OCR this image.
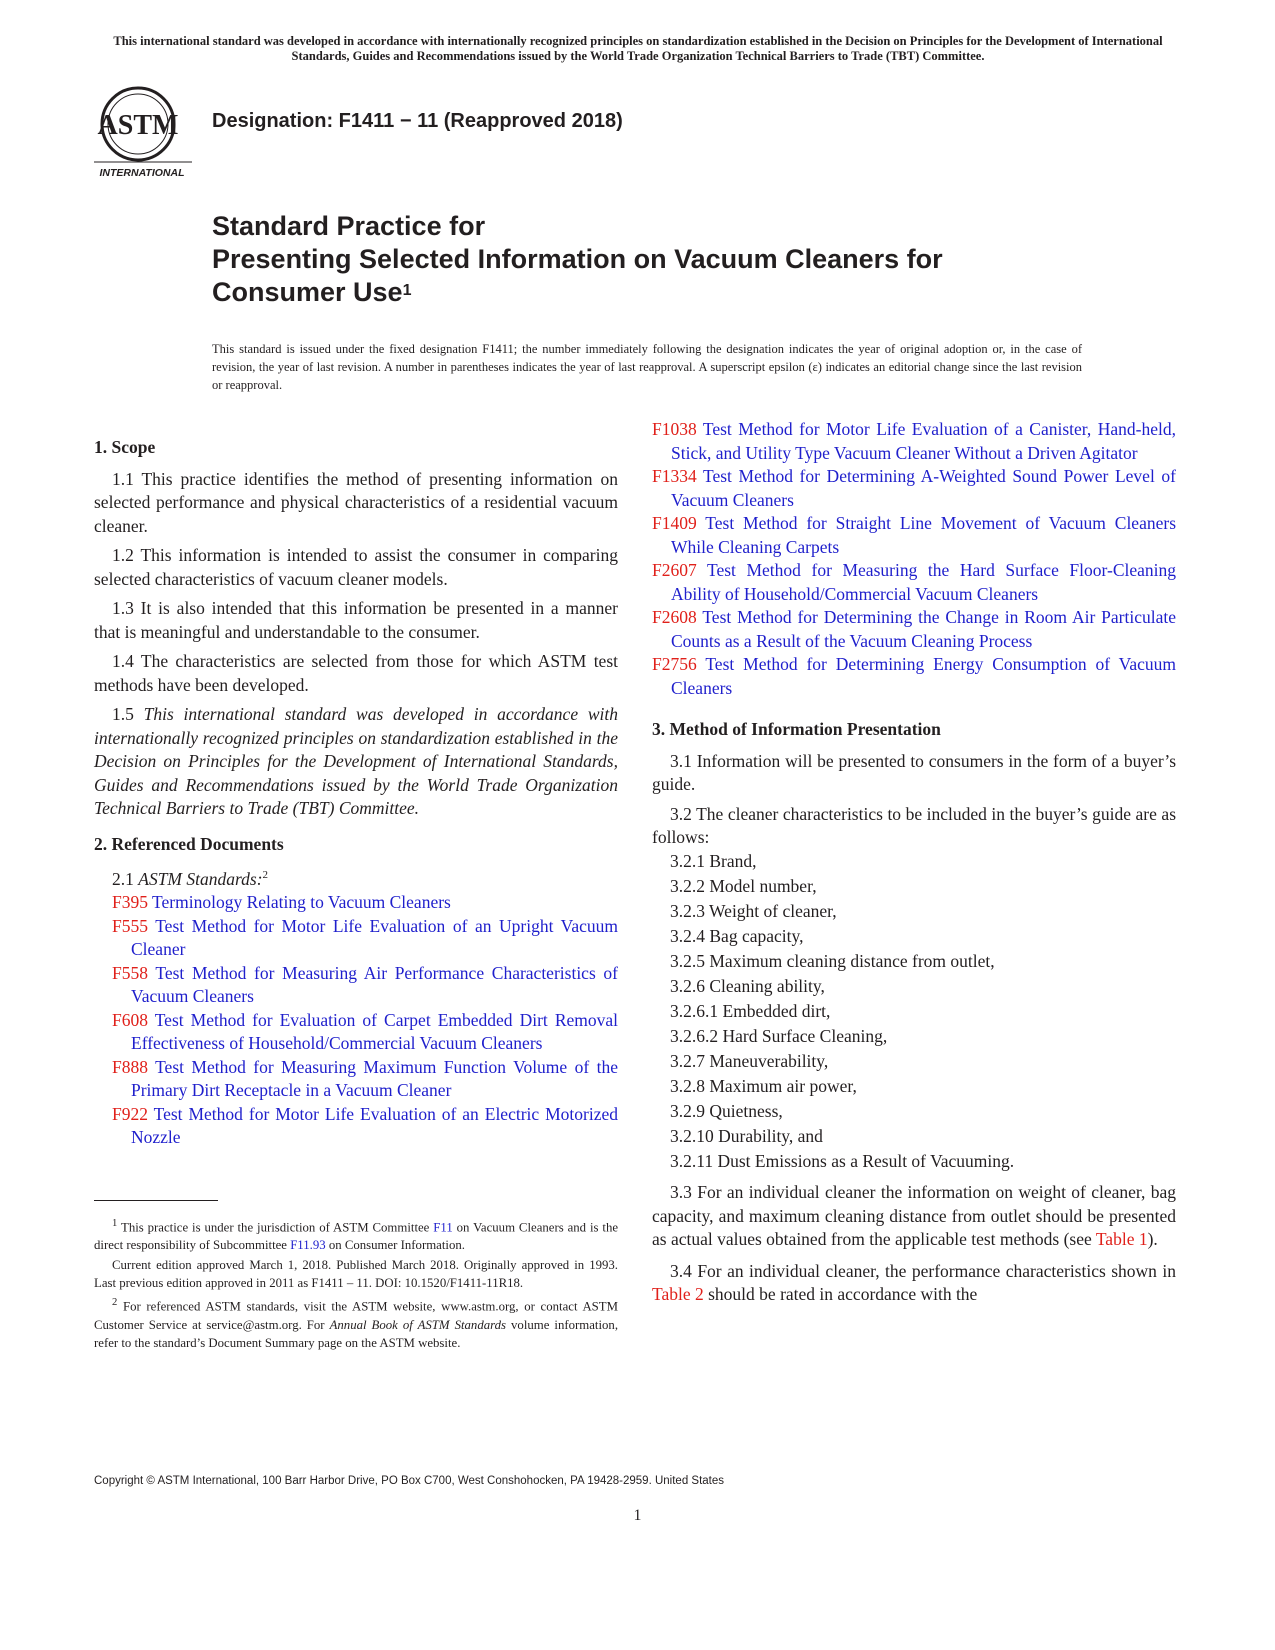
This international standard was developed in accordance with internationally recognized principles on standardization established in the Decision on Principles for the Development of International Standards, Guides and Recommendations issued by the World Trade Organization Technical Barriers to Trade (TBT) Committee.
ASTM
INTERNATIONAL
Designation: F1411 − 11 (Reapproved 2018)
Standard Practice for
Presenting Selected Information on Vacuum Cleaners for
Consumer Use$^1$
This standard is issued under the fixed designation F1411; the number immediately following the designation indicates the year of original adoption or, in the case of revision, the year of last revision. A number in parentheses indicates the year of last reapproval. A superscript epsilon (ε) indicates an editorial change since the last revision or reapproval.
1. Scope

1.1 This practice identifies the method of presenting information on selected performance and physical characteristics of a residential vacuum cleaner.

1.2 This information is intended to assist the consumer in comparing selected characteristics of vacuum cleaner models.

1.3 It is also intended that this information be presented in a manner that is meaningful and understandable to the consumer.

1.4 The characteristics are selected from those for which ASTM test methods have been developed.

1.5 This international standard was developed in accordance with internationally recognized principles on standardization established in the Decision on Principles for the Development of International Standards, Guides and Recommendations issued by the World Trade Organization Technical Barriers to Trade (TBT) Committee.

2. Referenced Documents

2.1 ASTM Standards:$^2$

F395 Terminology Relating to Vacuum Cleaners
F555 Test Method for Motor Life Evaluation of an Upright Vacuum Cleaner
F558 Test Method for Measuring Air Performance Characteristics of Vacuum Cleaners
F608 Test Method for Evaluation of Carpet Embedded Dirt Removal Effectiveness of Household/Commercial Vacuum Cleaners
F888 Test Method for Measuring Maximum Function Volume of the Primary Dirt Receptacle in a Vacuum Cleaner
F922 Test Method for Motor Life Evaluation of an Electric Motorized Nozzle
F1038 Test Method for Motor Life Evaluation of a Canister, Hand-held, Stick, and Utility Type Vacuum Cleaner Without a Driven Agitator
F1334 Test Method for Determining A-Weighted Sound Power Level of Vacuum Cleaners
F1409 Test Method for Straight Line Movement of Vacuum Cleaners While Cleaning Carpets
F2607 Test Method for Measuring the Hard Surface Floor-Cleaning Ability of Household/Commercial Vacuum Cleaners
F2608 Test Method for Determining the Change in Room Air Particulate Counts as a Result of the Vacuum Cleaning Process
F2756 Test Method for Determining Energy Consumption of Vacuum Cleaners
3. Method of Information Presentation

3.1 Information will be presented to consumers in the form of a buyer’s guide.

3.2 The cleaner characteristics to be included in the buyer’s guide are as follows:

3.2.1 Brand,
3.2.2 Model number,
3.2.3 Weight of cleaner,
3.2.4 Bag capacity,
3.2.5 Maximum cleaning distance from outlet,
3.2.6 Cleaning ability,
3.2.6.1 Embedded dirt,
3.2.6.2 Hard Surface Cleaning,
3.2.7 Maneuverability,
3.2.8 Maximum air power,
3.2.9 Quietness,
3.2.10 Durability, and
3.2.11 Dust Emissions as a Result of Vacuuming.

3.3 For an individual cleaner the information on weight of cleaner, bag capacity, and maximum cleaning distance from outlet should be presented as actual values obtained from the applicable test methods (see Table 1).

3.4 For an individual cleaner, the performance characteristics shown in Table 2 should be rated in accordance with the

$^1$ This practice is under the jurisdiction of ASTM Committee F11 on Vacuum Cleaners and is the direct responsibility of Subcommittee F11.93 on Consumer Information.

Current edition approved March 1, 2018. Published March 2018. Originally approved in 1993. Last previous edition approved in 2011 as F1411 – 11. DOI: 10.1520/F1411-11R18.

$^2$ For referenced ASTM standards, visit the ASTM website, www.astm.org, or contact ASTM Customer Service at service@astm.org. For Annual Book of ASTM Standards volume information, refer to the standard’s Document Summary page on the ASTM website.

Copyright © ASTM International, 100 Barr Harbor Drive, PO Box C700, West Conshohocken, PA 19428-2959. United States
1
